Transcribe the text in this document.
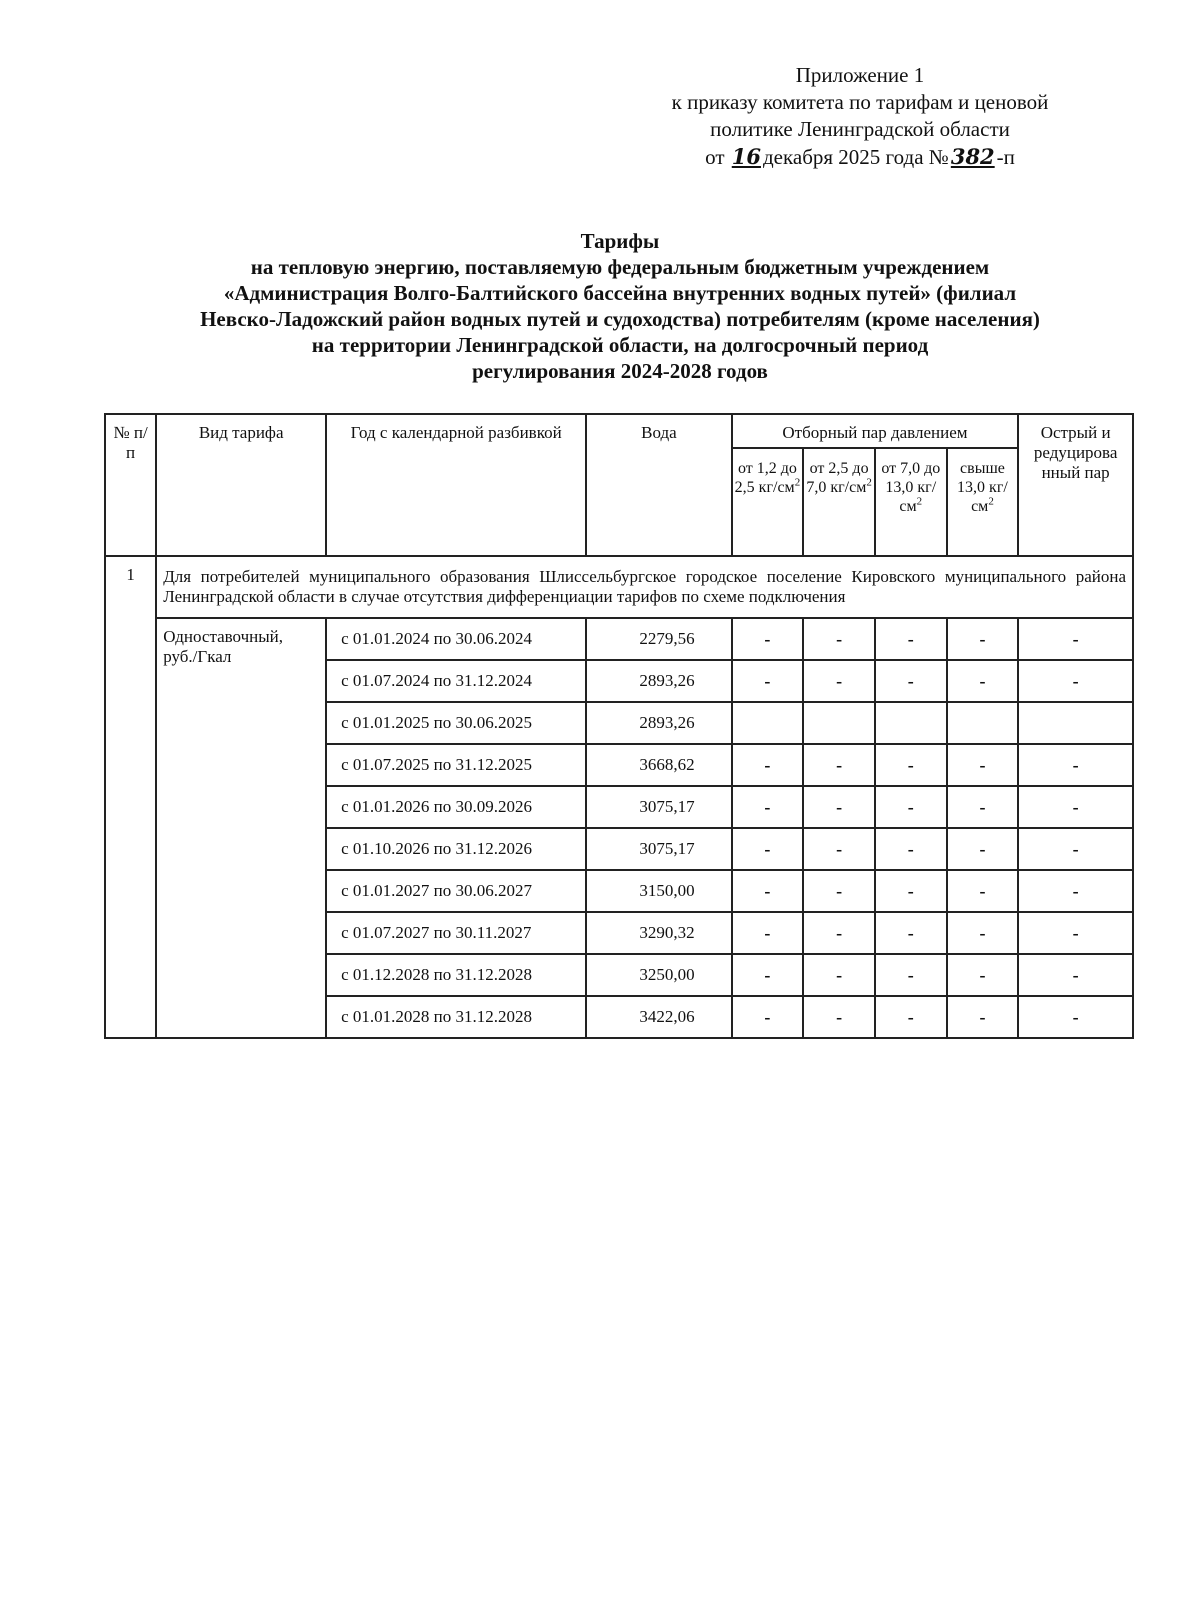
Приложение 1
к приказу комитета по тарифам и ценовой
политике Ленинградской области
от 16декабря 2025 года №382-п
Тарифы
на тепловую энергию, поставляемую федеральным бюджетным учреждением
«Администрация Волго-Балтийского бассейна внутренних водных путей» (филиал
Невско-Ладожский район водных путей и судоходства) потребителям (кроме населения)
на территории Ленинградской области, на долгосрочный период
регулирования 2024-2028 годов
№ п/п	Вид тарифа	Год с календарной разбивкой	Вода	Отборный пар давлением				Острый и редуцирова нный пар
				от 1,2 до 2,5 $кг/см^2$	от 2,5 до 7,0 $кг/см^2$	от 7,0 до 13,0 $кг/см^2$	свыше 13,0 $кг/см^2$
1	Для потребителей муниципального образования Шлиссельбургское городское поселение Кировского муниципального района Ленинградской области в случае отсутствия дифференциации тарифов по схеме подключения							
	Одноставочный, руб./Гкал	с 01.01.2024 по 30.06.2024	2279,56	-	-	-	-	-
		с 01.07.2024 по 31.12.2024	2893,26	-	-	-	-	-
		с 01.01.2025 по 30.06.2025	2893,26					
		с 01.07.2025 по 31.12.2025	3668,62	-	-	-	-	-
		с 01.01.2026 по 30.09.2026	3075,17	-	-	-	-	-
		с 01.10.2026 по 31.12.2026	3075,17	-	-	-	-	-
		с 01.01.2027 по 30.06.2027	3150,00	-	-	-	-	-
		с 01.07.2027 по 30.11.2027	3290,32	-	-	-	-	-
		с 01.12.2028 по 31.12.2028	3250,00	-	-	-	-	-
		с 01.01.2028 по 31.12.2028	3422,06	-	-	-	-	-
